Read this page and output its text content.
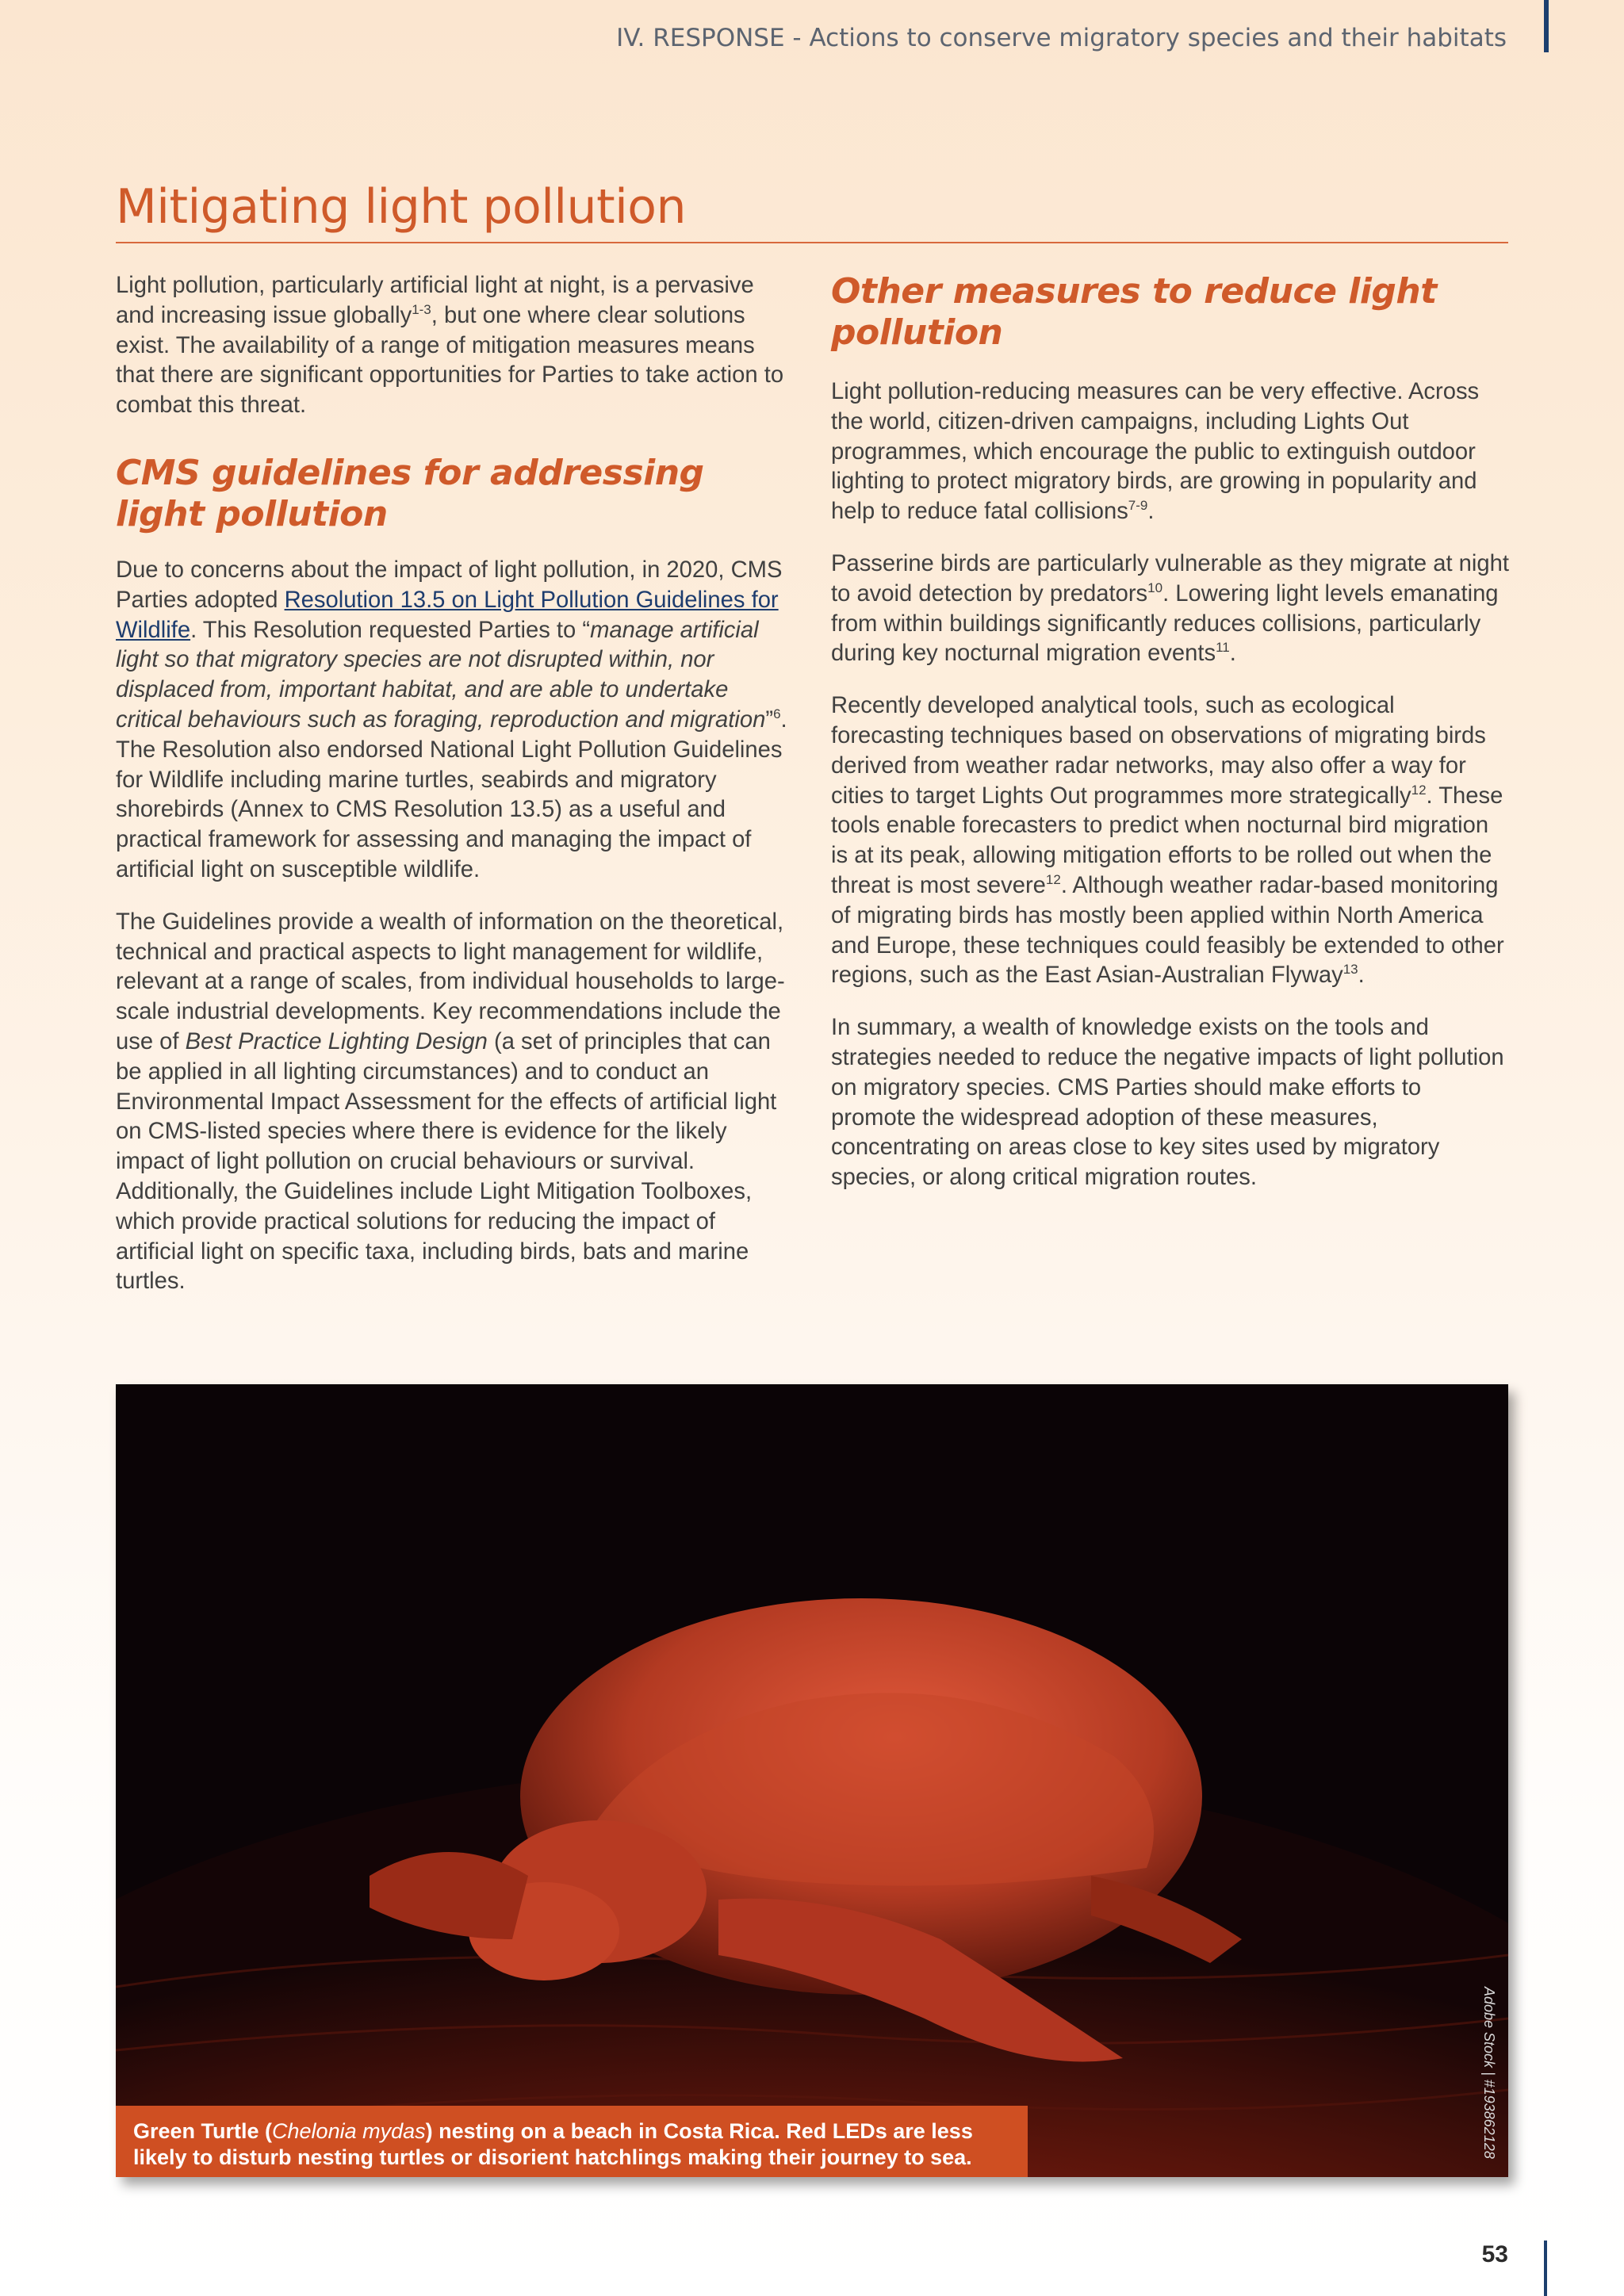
IV. RESPONSE - Actions to conserve migratory species and their habitats
Mitigating light pollution

Light pollution, particularly artificial light at night, is a pervasive and increasing issue globally$^{1-3}$, but one where clear solutions exist. The availability of a range of mitigation measures means that there are significant opportunities for Parties to take action to combat this threat.

CMS guidelines for addressing light pollution

Due to concerns about the impact of light pollution, in 2020, CMS Parties adopted Resolution 13.5 on Light Pollution Guidelines for Wildlife. This Resolution requested Parties to “manage artificial light so that migratory species are not disrupted within, nor displaced from, important habitat, and are able to undertake critical behaviours such as foraging, reproduction and migration”$^6$. The Resolution also endorsed National Light Pollution Guidelines for Wildlife including marine turtles, seabirds and migratory shorebirds (Annex to CMS Resolution 13.5) as a useful and practical framework for assessing and managing the impact of artificial light on susceptible wildlife.

The Guidelines provide a wealth of information on the theoretical, technical and practical aspects to light management for wildlife, relevant at a range of scales, from individual households to large-scale industrial developments. Key recommendations include the use of Best Practice Lighting Design (a set of principles that can be applied in all lighting circumstances) and to conduct an Environmental Impact Assessment for the effects of artificial light on CMS-listed species where there is evidence for the likely impact of light pollution on crucial behaviours or survival. Additionally, the Guidelines include Light Mitigation Toolboxes, which provide practical solutions for reducing the impact of artificial light on specific taxa, including birds, bats and marine turtles.

Other measures to reduce light pollution

Light pollution-reducing measures can be very effective. Across the world, citizen-driven campaigns, including Lights Out programmes, which encourage the public to extinguish outdoor lighting to protect migratory birds, are growing in popularity and help to reduce fatal collisions$^{7-9}$.

Passerine birds are particularly vulnerable as they migrate at night to avoid detection by predators$^{10}$. Lowering light levels emanating from within buildings significantly reduces collisions, particularly during key nocturnal migration events$^{11}$.

Recently developed analytical tools, such as ecological forecasting techniques based on observations of migrating birds derived from weather radar networks, may also offer a way for cities to target Lights Out programmes more strategically$^{12}$. These tools enable forecasters to predict when nocturnal bird migration is at its peak, allowing mitigation efforts to be rolled out when the threat is most severe$^{12}$. Although weather radar-based monitoring of migrating birds has mostly been applied within North America and Europe, these techniques could feasibly be extended to other regions, such as the East Asian-Australian Flyway$^{13}$.

In summary, a wealth of knowledge exists on the tools and strategies needed to reduce the negative impacts of light pollution on migratory species. CMS Parties should make efforts to promote the widespread adoption of these measures, concentrating on areas close to key sites used by migratory species, or along critical migration routes.

Adobe Stock | #193862128
Green Turtle (Chelonia mydas) nesting on a beach in Costa Rica. Red LEDs are less likely to disturb nesting turtles or disorient hatchlings making their journey to sea.
53
